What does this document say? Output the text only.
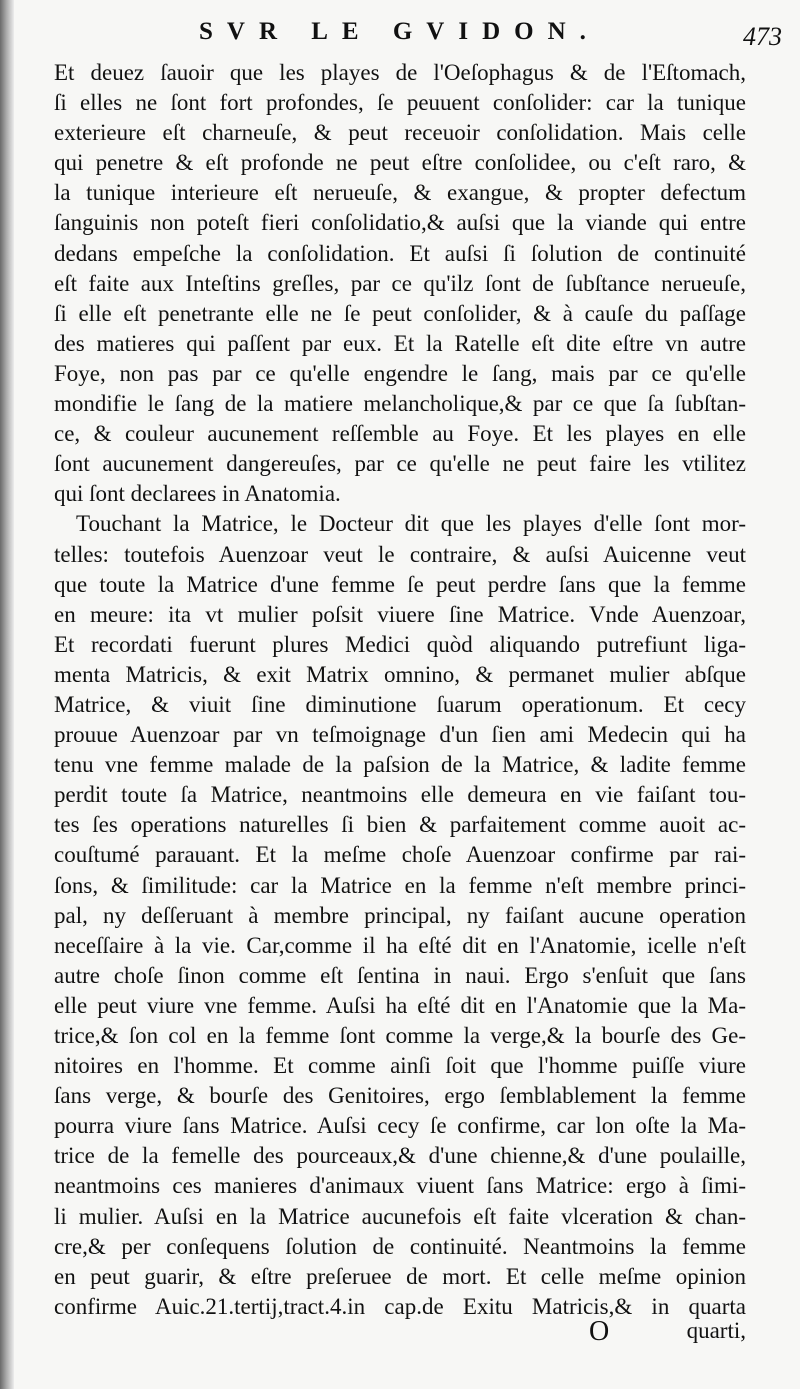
SVR LE GVIDON.	473
Et deuez ſauoir que les playes de l'Oeſophagus & de l'Eſtomach,
ſi elles ne ſont fort profondes, ſe peuuent conſolider: car la tunique
exterieure eſt charneuſe, & peut receuoir conſolidation. Mais celle
qui penetre & eſt profonde ne peut eſtre conſolidee, ou c'eſt raro, &
la tunique interieure eſt nerueuſe, & exangue, & propter defectum
ſanguinis non poteſt fieri conſolidatio,& auſsi que la viande qui entre
dedans empeſche la conſolidation. Et auſsi ſi ſolution de continuité
eſt faite aux Inteſtins greſles, par ce qu'ilz ſont de ſubſtance nerueuſe,
ſi elle eſt penetrante elle ne ſe peut conſolider, & à cauſe du paſſage
des matieres qui paſſent par eux. Et la Ratelle eſt dite eſtre vn autre
Foye, non pas par ce qu'elle engendre le ſang, mais par ce qu'elle
mondifie le ſang de la matiere melancholique,& par ce que ſa ſubſtan-
ce, & couleur aucunement reſſemble au Foye. Et les playes en elle
ſont aucunement dangereuſes, par ce qu'elle ne peut faire les vtilitez
qui ſont declarees in Anatomia.
Touchant la Matrice, le Docteur dit que les playes d'elle ſont mor-
telles: toutefois Auenzoar veut le contraire, & auſsi Auicenne veut
que toute la Matrice d'une femme ſe peut perdre ſans que la femme
en meure: ita vt mulier poſsit viuere ſine Matrice. Vnde Auenzoar,
Et recordati fuerunt plures Medici quòd aliquando putrefiunt liga-
menta Matricis, & exit Matrix omnino, & permanet mulier abſque
Matrice, & viuit ſine diminutione ſuarum operationum. Et cecy
prouue Auenzoar par vn teſmoignage d'un ſien ami Medecin qui ha
tenu vne femme malade de la paſsion de la Matrice, & ladite femme
perdit toute ſa Matrice, neantmoins elle demeura en vie faiſant tou-
tes ſes operations naturelles ſi bien & parfaitement comme auoit ac-
couſtumé parauant. Et la meſme choſe Auenzoar confirme par rai-
ſons, & ſimilitude: car la Matrice en la femme n'eſt membre princi-
pal, ny deſſeruant à membre principal, ny faiſant aucune operation
neceſſaire à la vie. Car,comme il ha eſté dit en l'Anatomie, icelle n'eſt
autre choſe ſinon comme eſt ſentina in naui. Ergo s'enſuit que ſans
elle peut viure vne femme. Auſsi ha eſté dit en l'Anatomie que la Ma-
trice,& ſon col en la femme ſont comme la verge,& la bourſe des Ge-
nitoires en l'homme. Et comme ainſi ſoit que l'homme puiſſe viure
ſans verge, & bourſe des Genitoires, ergo ſemblablement la femme
pourra viure ſans Matrice. Auſsi cecy ſe confirme, car lon oſte la Ma-
trice de la femelle des pourceaux,& d'une chienne,& d'une poulaille,
neantmoins ces manieres d'animaux viuent ſans Matrice: ergo à ſimi-
li mulier. Auſsi en la Matrice aucunefois eſt faite vlceration & chan-
cre,& per conſequens ſolution de continuité. Neantmoins la femme
en peut guarir, & eſtre preſeruee de mort. Et celle meſme opinion
confirme Auic.21.tertij,tract.4.in cap.de Exitu Matricis,& in quarta
O	quarti,
